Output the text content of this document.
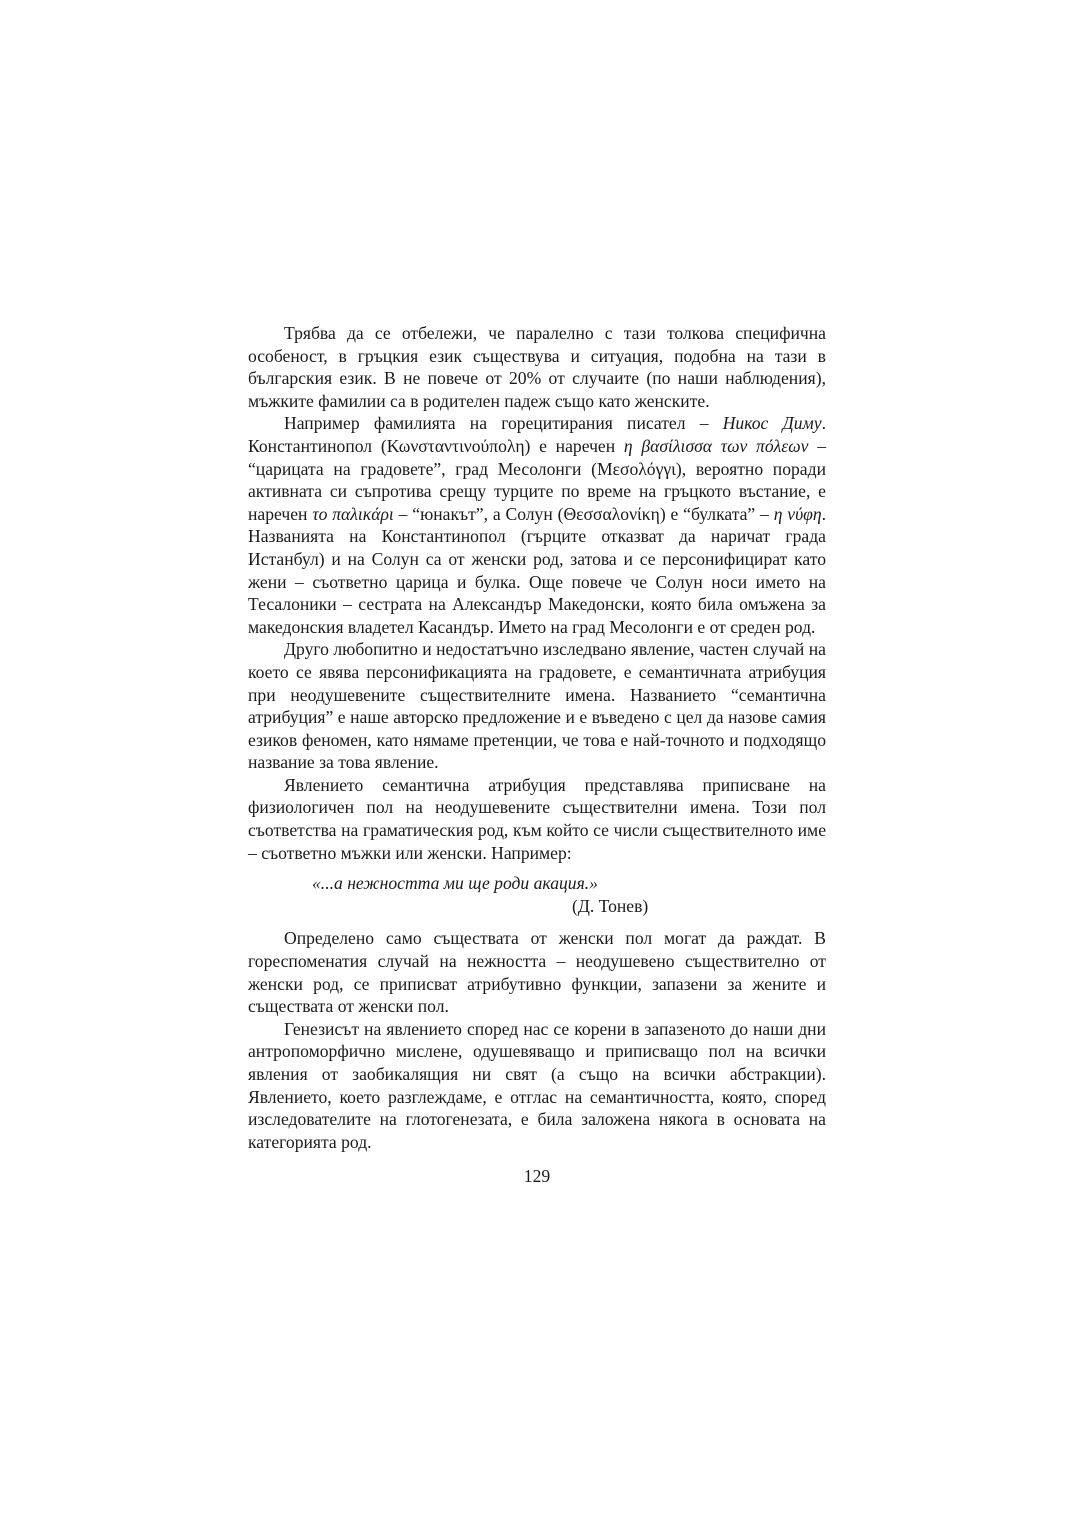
Трябва да се отбележи, че паралелно с тази толкова специфична особеност, в гръцкия език съществува и ситуация, подобна на тази в българския език. В не повече от 20% от случаите (по наши наблюдения), мъжките фамилии са в родителен падеж също като женските.

Например фамилията на горецитирания писател – Никос Диму. Константинопол (Κωνσταντινούπολη) е наречен η βασίλισσα των πόλεων – “царицата на градовете”, град Месолонги (Μεσολόγγι), вероятно поради активната си съпротива срещу турците по време на гръцкото въстание, е наречен το παλικάρι – “юнакът”, а Солун (Θεσσαλονίκη) е “булката” – η νύφη. Названията на Константинопол (гърците отказват да наричат града Истанбул) и на Солун са от женски род, затова и се персонифицират като жени – съответно царица и булка. Още повече че Солун носи името на Тесалоники – сестрата на Александър Македонски, която била омъжена за македонския владетел Касандър. Името на град Месолонги е от среден род.

Друго любопитно и недостатъчно изследвано явление, частен случай на което се явява персонификацията на градовете, е семантичната атрибуция при неодушевените съществителните имена. Названието “семантична атрибуция” е наше авторско предложение и е въведено с цел да назове самия езиков феномен, като нямаме претенции, че това е най-точното и подходящо название за това явление.

Явлението семантична атрибуция представлява приписване на физиологичен пол на неодушевените съществителни имена. Този пол съответства на граматическия род, към който се числи съществителното име – съответно мъжки или женски. Например:

«...а нежността ми ще роди акация.»

(Д. Тонев)

Определено само съществата от женски пол могат да раждат. В гореспоменатия случай на нежността – неодушевено съществително от женски род, се приписват атрибутивно функции, запазени за жените и съществата от женски пол.

Генезисът на явлението според нас се корени в запазеното до наши дни антропоморфично мислене, одушевяващо и приписващо пол на всички явления от заобикалящия ни свят (а също на всички абстракции). Явлението, което разглеждаме, е отглас на семантичността, която, според изследователите на глотогенезата, е била заложена някога в основата на категорията род.

129
